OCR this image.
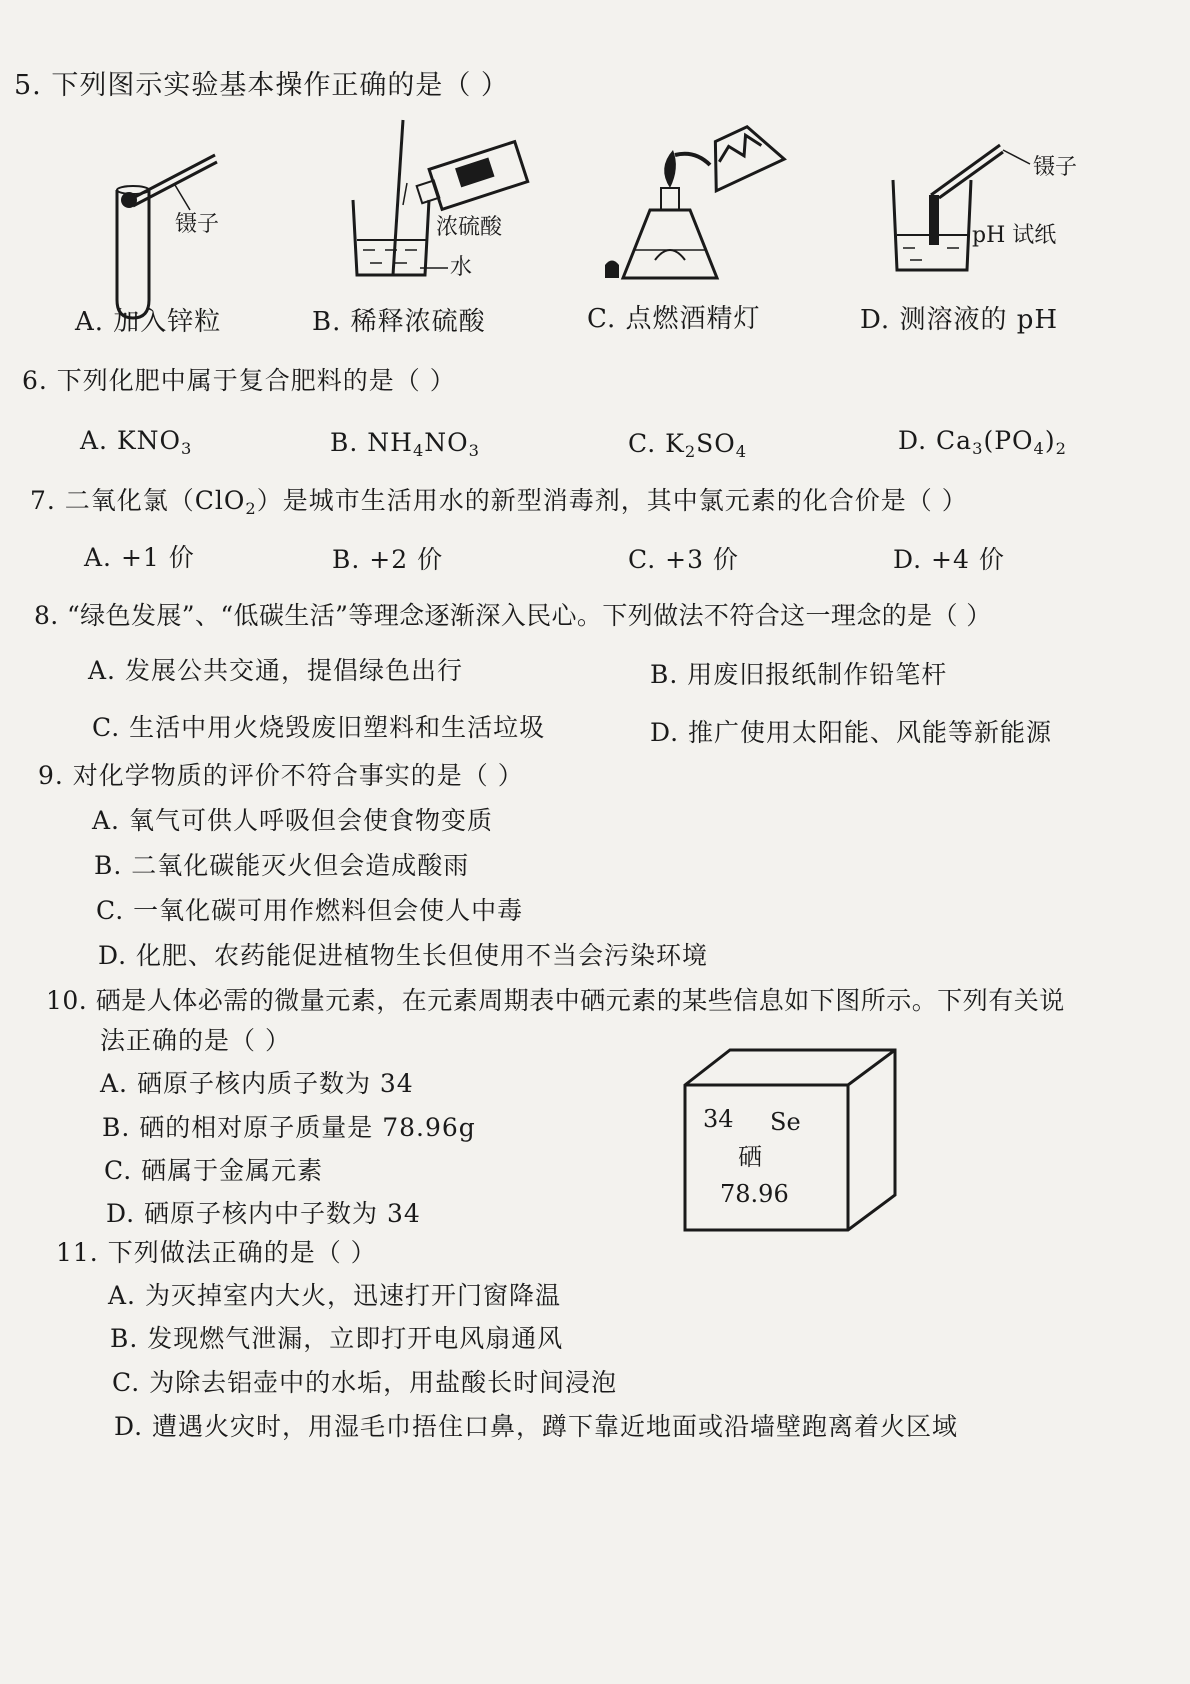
5. 下列图示实验基本操作正确的是（ ）
镊子	浓硫酸
水
镊子
pH 试纸
A. 加入锌粒	B. 稀释浓硫酸	C. 点燃酒精灯	D. 测溶液的 pH
6. 下列化肥中属于复合肥料的是（ ）
A. $KNO_3$	B. $NH_4NO_3$	C. $K_2SO_4$	D. $Ca_3(PO_4)_2$
7. 二氧化氯（ClO$_2$）是城市生活用水的新型消毒剂，其中氯元素的化合价是（ ）
A. +1 价	B. +2 价	C. +3 价	D. +4 价
8. “绿色发展”、“低碳生活”等理念逐渐深入民心。下列做法不符合这一理念的是（ ）
A. 发展公共交通，提倡绿色出行	B. 用废旧报纸制作铅笔杆
C. 生活中用火烧毁废旧塑料和生活垃圾	D. 推广使用太阳能、风能等新能源
9. 对化学物质的评价不符合事实的是（ ）
A. 氧气可供人呼吸但会使食物变质
B. 二氧化碳能灭火但会造成酸雨
C. 一氧化碳可用作燃料但会使人中毒
D. 化肥、农药能促进植物生长但使用不当会污染环境
10. 硒是人体必需的微量元素，在元素周期表中硒元素的某些信息如下图所示。下列有关说
法正确的是（ ）
A. 硒原子核内质子数为 34
B. 硒的相对原子质量是 78.96g
C. 硒属于金属元素
D. 硒原子核内中子数为 34
34 Se
硒
78.96
11. 下列做法正确的是（ ）
A. 为灭掉室内大火，迅速打开门窗降温
B. 发现燃气泄漏，立即打开电风扇通风
C. 为除去铝壶中的水垢，用盐酸长时间浸泡
D. 遭遇火灾时，用湿毛巾捂住口鼻，蹲下靠近地面或沿墙壁跑离着火区域
